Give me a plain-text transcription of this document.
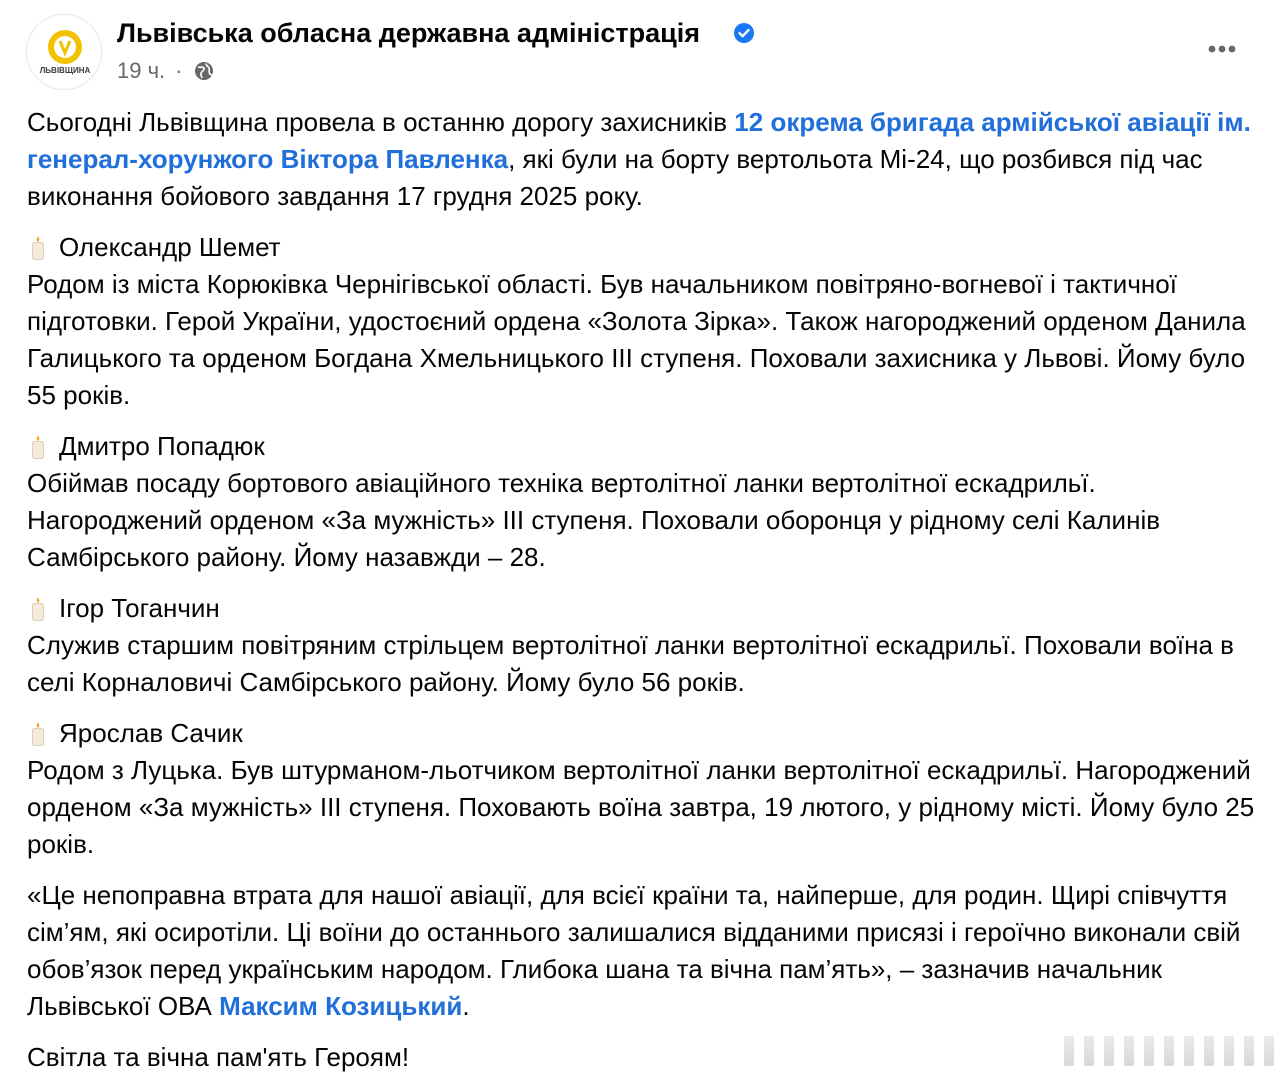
ЛЬВІВЩИНА
Львівська обласна державна адміністрація
19 ч. ·

Сьогодні Львівщина провела в останню дорогу захисників 12 окрема бригада армійської авіації ім. генерал-хорунжого Віктора Павленка, які були на борту вертольота Мі-24, що розбився під час виконання бойового завдання 17 грудня 2025 року.

Олександр Шемет
Родом із міста Корюківка Чернігівської області. Був начальником повітряно-вогневої і тактичної підготовки. Герой України, удостоєний ордена «Золота Зірка». Також нагороджений орденом Данила Галицького та орденом Богдана Хмельницького ІІІ ступеня. Поховали захисника у Львові. Йому було 55 років.

Дмитро Попадюк
Обіймав посаду бортового авіаційного техніка вертолітної ланки вертолітної ескадрильї. Нагороджений орденом «За мужність» ІІІ ступеня. Поховали оборонця у рідному селі Калинів Самбірського району. Йому назавжди – 28.

Ігор Тоганчин
Служив старшим повітряним стрільцем вертолітної ланки вертолітної ескадрильї. Поховали воїна в селі Корналовичі Самбірського району. Йому було 56 років.

Ярослав Сачик
Родом з Луцька. Був штурманом-льотчиком вертолітної ланки вертолітної ескадрильї. Нагороджений орденом «За мужність» ІІІ ступеня. Поховають воїна завтра, 19 лютого, у рідному місті. Йому було 25 років.

«Це непоправна втрата для нашої авіації, для всієї країни та, найперше, для родин. Щирі співчуття сім’ям, які осиротіли. Ці воїни до останнього залишалися відданими присязі і героїчно виконали свій обов’язок перед українським народом. Глибока шана та вічна пам’ять», – зазначив начальник Львівської ОВА Максим Козицький.

Світла та вічна пам'ять Героям!
